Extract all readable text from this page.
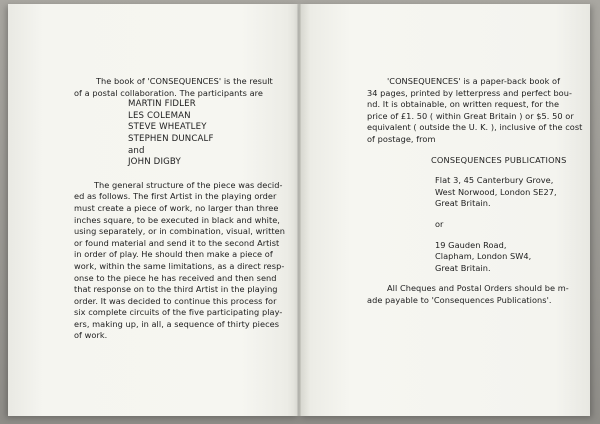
The book of 'CONSEQUENCES' is the result
of a postal collaboration. The participants are
MARTIN FIDLER
LES COLEMAN
STEVE WHEATLEY
STEPHEN DUNCALF
and
JOHN DIGBY
The general structure of the piece was decid-
ed as follows. The first Artist in the playing order
must create a piece of work, no larger than three
inches square, to be executed in black and white,
using separately, or in combination, visual, written
or found material and send it to the second Artist
in order of play. He should then make a piece of
work, within the same limitations, as a direct resp-
onse to the piece he has received and then send
that response on to the third Artist in the playing
order. It was decided to continue this process for
six complete circuits of the five participating play-
ers, making up, in all, a sequence of thirty pieces
of work.
'CONSEQUENCES' is a paper-back book of
34 pages, printed by letterpress and perfect bou-
nd. It is obtainable, on written request, for the
price of £1. 50 ( within Great Britain ) or $5. 50 or
equivalent ( outside the U. K. ), inclusive of the cost
of postage, from
CONSEQUENCES PUBLICATIONS
Flat 3, 45 Canterbury Grove,
West Norwood, London SE27,
Great Britain.
or
19 Gauden Road,
Clapham, London SW4,
Great Britain.
All Cheques and Postal Orders should be m-
ade payable to 'Consequences Publications'.
